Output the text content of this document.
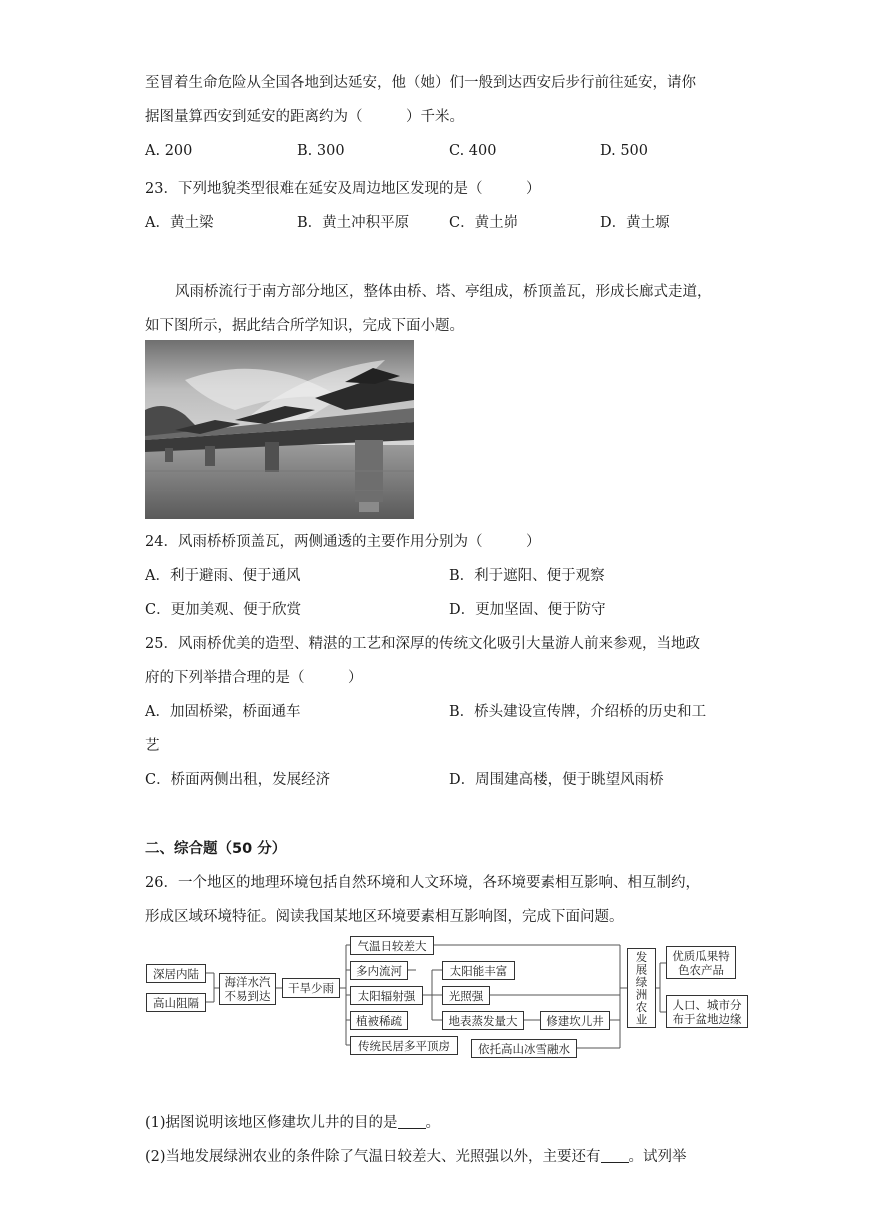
至冒着生命危险从全国各地到达延安，他（她）们一般到达西安后步行前往延安，请你
据图量算西安到延安的距离约为（　　　）千米。
A. 200	B. 300	C. 400	D. 500
23．下列地貌类型很难在延安及周边地区发现的是（　　　）
A．黄土梁	B．黄土冲积平原	C．黄土峁	D．黄土塬
风雨桥流行于南方部分地区，整体由桥、塔、亭组成，桥顶盖瓦，形成长廊式走道，
如下图所示，据此结合所学知识，完成下面小题。
24．风雨桥桥顶盖瓦，两侧通透的主要作用分别为（　　　）
A．利于避雨、便于通风	B．利于遮阳、便于观察
C．更加美观、便于欣赏	D．更加坚固、便于防守
25．风雨桥优美的造型、精湛的工艺和深厚的传统文化吸引大量游人前来参观，当地政
府的下列举措合理的是（　　　）
A．加固桥梁，桥面通车	B．桥头建设宣传牌，介绍桥的历史和工
艺
C．桥面两侧出租，发展经济	D．周围建高楼，便于眺望风雨桥
二、综合题（50 分）
26．一个地区的地理环境包括自然环境和人文环境，各环境要素相互影响、相互制约，
形成区域环境特征。阅读我国某地区环境要素相互影响图，完成下面问题。
深居内陆
高山阻隔
海洋水汽不易到达
干旱少雨
气温日较差大
多内流河
太阳辐射强
植被稀疏
传统民居多平顶房
太阳能丰富
光照强
地表蒸发量大	修建坎儿井
依托高山冰雪融水
发展绿洲农业	优质瓜果特色农产品
人口、城市分布于盆地边缘
(1)据图说明该地区修建坎儿井的目的是 。
(2)当地发展绿洲农业的条件除了气温日较差大、光照强以外，主要还有 。试列举
